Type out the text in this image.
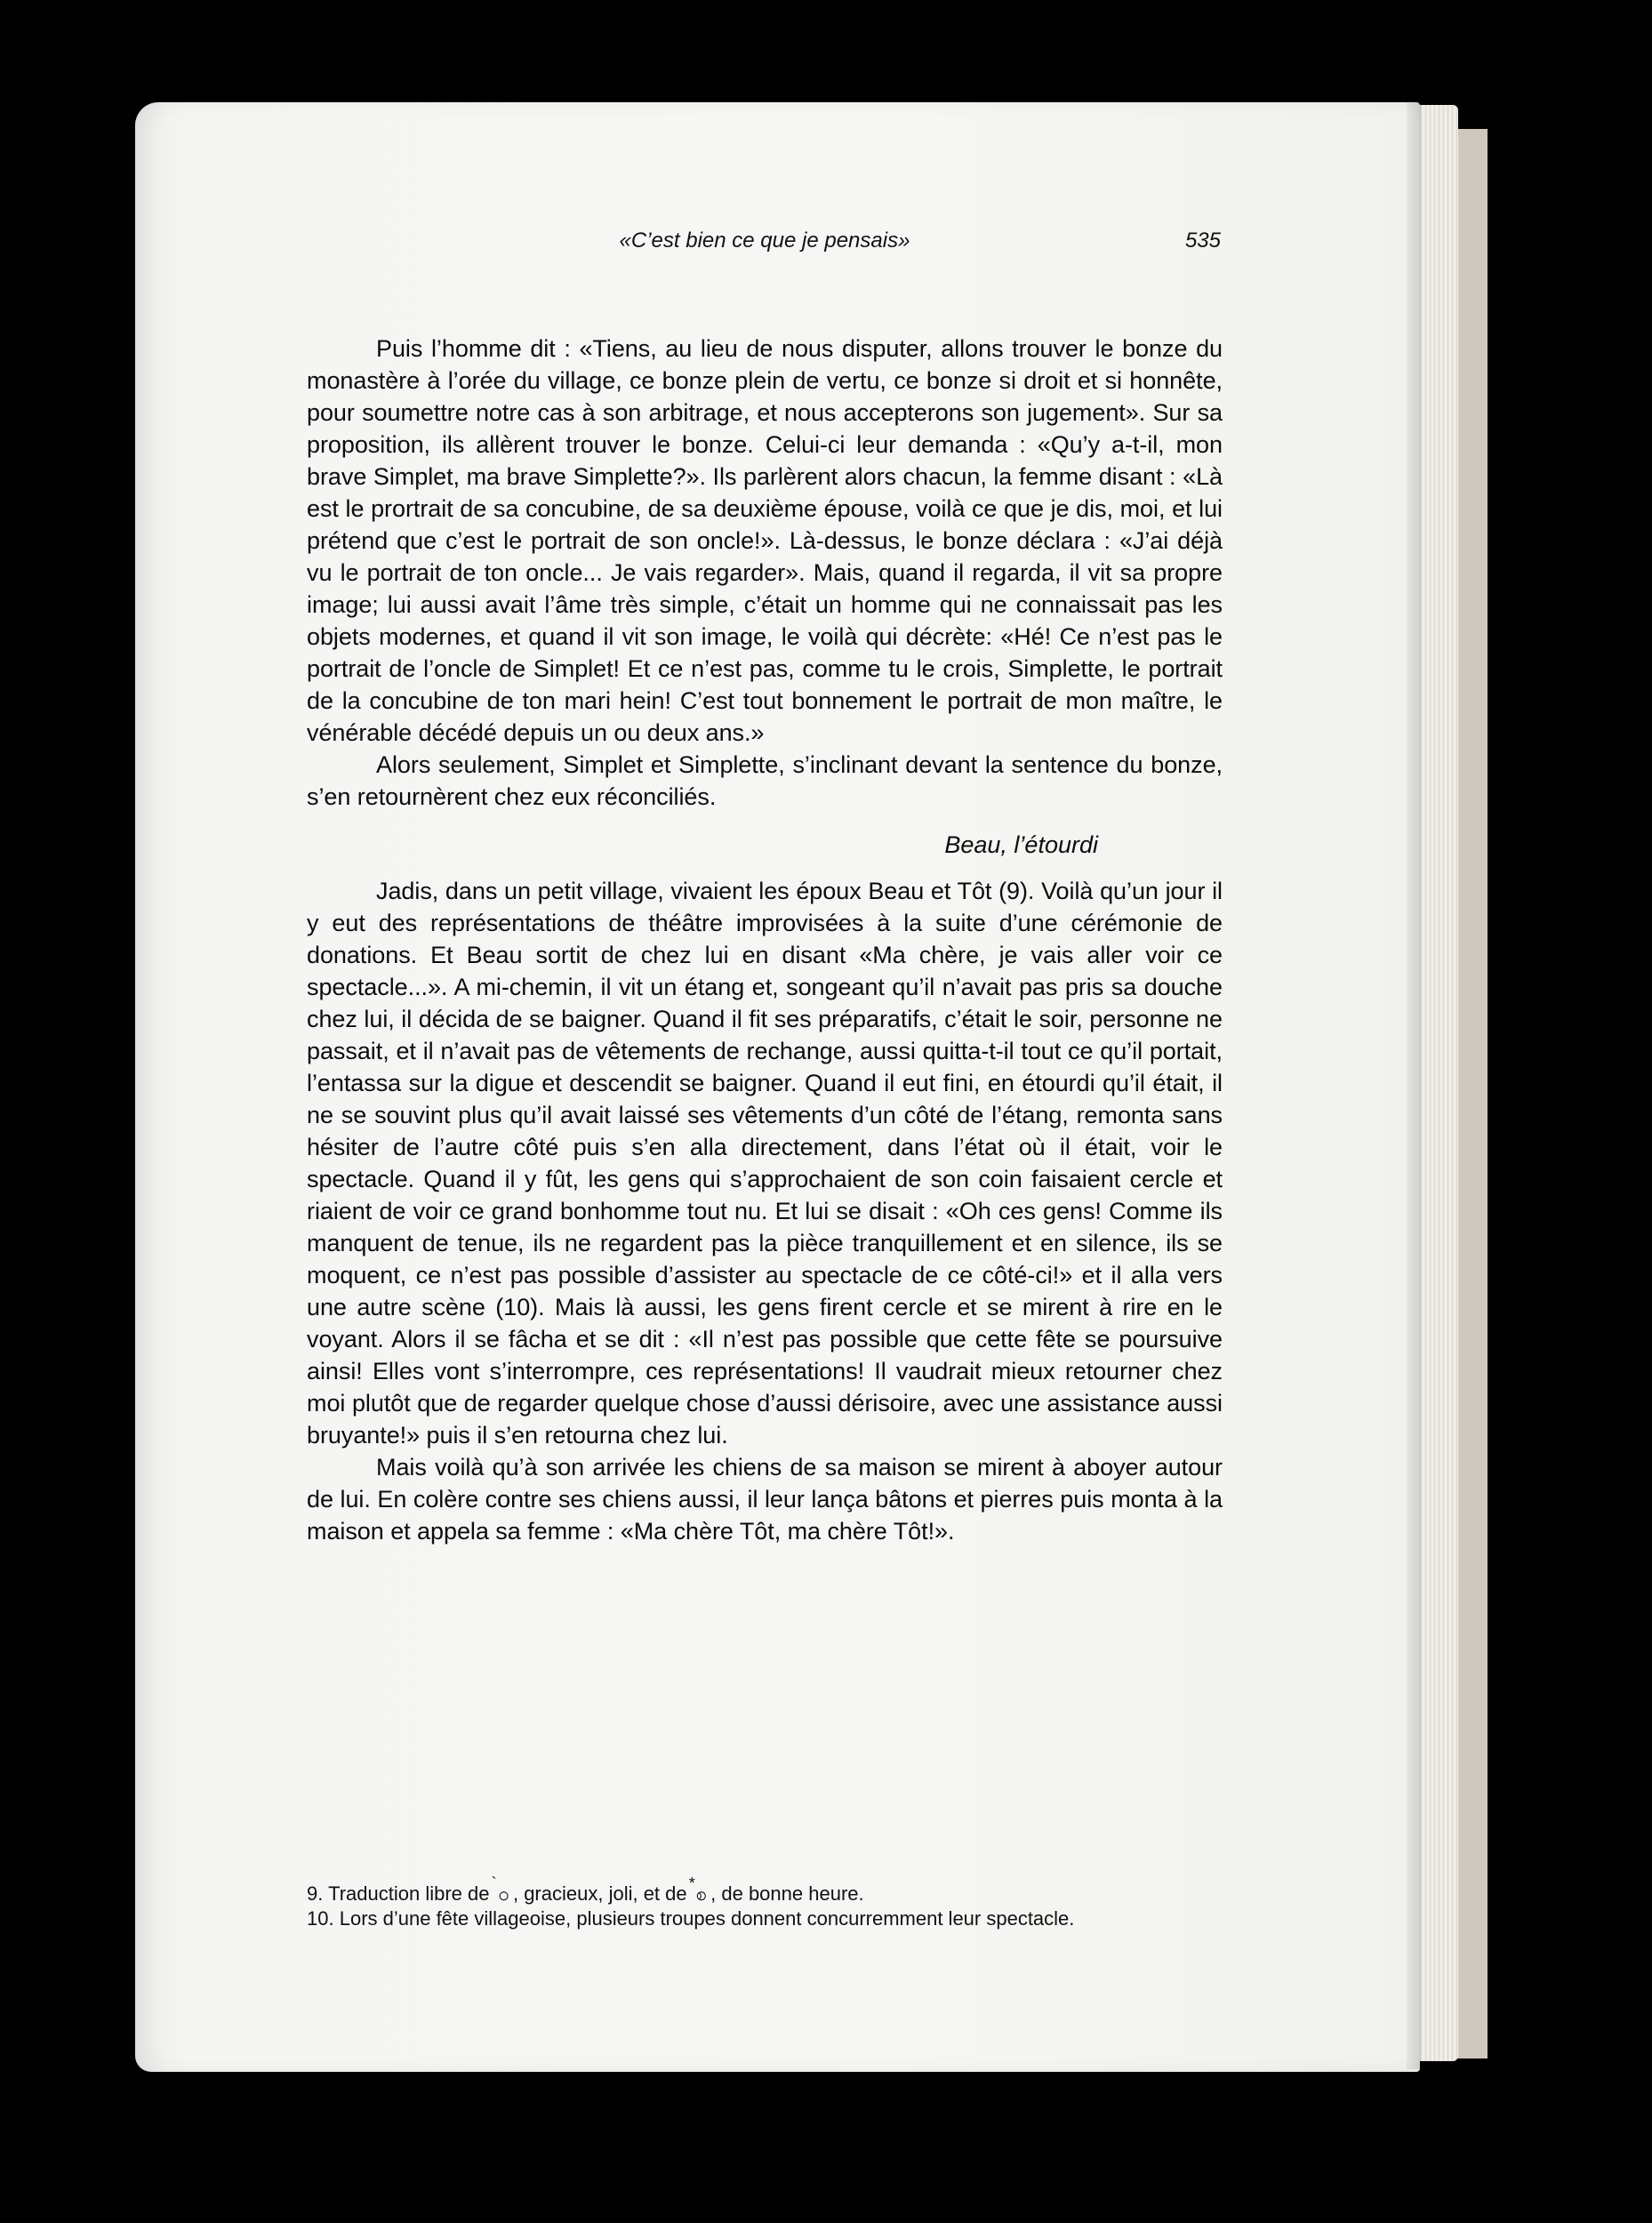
«C’est bien ce que je pensais»	535

Puis l’homme dit : «Tiens, au lieu de nous disputer, allons trouver le bonze du monastère à l’orée du village, ce bonze plein de vertu, ce bonze si droit et si honnête, pour soumettre notre cas à son arbitrage, et nous accepterons son jugement». Sur sa proposition, ils allèrent trouver le bonze. Celui-ci leur demanda : «Qu’y a-t-il, mon brave Simplet, ma brave Simplette?». Ils parlèrent alors chacun, la femme disant : «Là est le prortrait de sa concubine, de sa deuxième épouse, voilà ce que je dis, moi, et lui prétend que c’est le portrait de son oncle!». Là-dessus, le bonze déclara : «J’ai déjà vu le portrait de ton oncle... Je vais regarder». Mais, quand il regarda, il vit sa propre image; lui aussi avait l’âme très simple, c’était un homme qui ne connaissait pas les objets modernes, et quand il vit son image, le voilà qui décrète: «Hé! Ce n’est pas le portrait de l’oncle de Simplet! Et ce n’est pas, comme tu le crois, Simplette, le portrait de la concubine de ton mari hein! C’est tout bonnement le portrait de mon maître, le vénérable décédé depuis un ou deux ans.»

Alors seulement, Simplet et Simplette, s’inclinant devant la sentence du bonze, s’en retournèrent chez eux réconciliés.

Beau, l’étourdi

Jadis, dans un petit village, vivaient les époux Beau et Tôt (9). Voilà qu’un jour il y eut des représentations de théâtre improvisées à la suite d’une cérémonie de donations. Et Beau sortit de chez lui en disant «Ma chère, je vais aller voir ce spectacle...». A mi-chemin, il vit un étang et, songeant qu’il n’avait pas pris sa douche chez lui, il décida de se baigner. Quand il fit ses préparatifs, c’était le soir, personne ne passait, et il n’avait pas de vêtements de rechange, aussi quitta-t-il tout ce qu’il portait, l’entassa sur la digue et descendit se baigner. Quand il eut fini, en étourdi qu’il était, il ne se souvint plus qu’il avait laissé ses vêtements d’un côté de l’étang, remonta sans hésiter de l’autre côté puis s’en alla directement, dans l’état où il était, voir le spectacle. Quand il y fût, les gens qui s’approchaient de son coin faisaient cercle et riaient de voir ce grand bonhomme tout nu. Et lui se disait : «Oh ces gens! Comme ils manquent de tenue, ils ne regardent pas la pièce tranquillement et en silence, ils se moquent, ce n’est pas possible d’assister au spectacle de ce côté-ci!» et il alla vers une autre scène (10). Mais là aussi, les gens firent cercle et se mirent à rire en le voyant. Alors il se fâcha et se dit : «Il n’est pas possible que cette fête se poursuive ainsi! Elles vont s’interrompre, ces représentations! Il vaudrait mieux retourner chez moi plutôt que de regarder quelque chose d’aussi dérisoire, avec une assistance aussi bruyante!» puis il s’en retourna chez lui.

Mais voilà qu’à son arrivée les chiens de sa maison se mirent à aboyer autour de lui. En colère contre ses chiens aussi, il leur lança bâtons et pierres puis monta à la maison et appela sa femme : «Ma chère Tôt, ma chère Tôt!».

9. Traduction libre de ` ဝ , gracieux, joli, et de * စ , de bonne heure.

10. Lors d’une fête villageoise, plusieurs troupes donnent concurremment leur spectacle.
